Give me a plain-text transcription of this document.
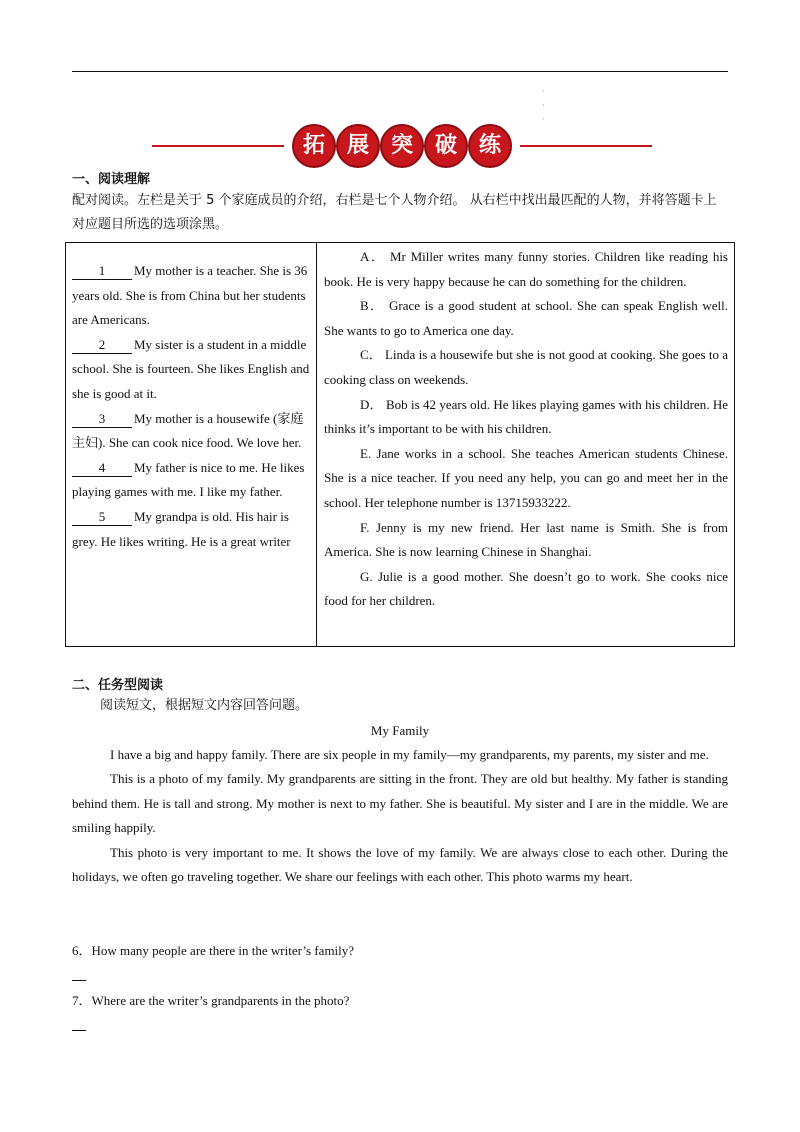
·
·
·
拓 展 突 破 练
一、阅读理解
配对阅读。左栏是关于 5 个家庭成员的介绍，右栏是七个人物介绍。 从右栏中找出最匹配的人物，并将答题卡上对应题目所选的选项涂黑。

1 My mother is a teacher. She is 36 years old. She is from China but her students are Americans.

2 My sister is a student in a middle school. She is fourteen. She likes English and she is good at it.

3 My mother is a housewife (家庭主妇). She can cook nice food. We love her.

4 My father is nice to me. He likes playing games with me. I like my father.

5 My grandpa is old. His hair is grey. He likes writing. He is a great writer

A． Mr Miller writes many funny stories. Children like reading his book. He is very happy because he can do something for the children.

B． Grace is a good student at school. She can speak English well. She wants to go to America one day.

C． Linda is a housewife but she is not good at cooking. She goes to a cooking class on weekends.

D． Bob is 42 years old. He likes playing games with his children. He thinks it’s important to be with his children.

E. Jane works in a school. She teaches American students Chinese. She is a nice teacher. If you need any help, you can go and meet her in the school. Her telephone number is 13715933222.

F. Jenny is my new friend. Her last name is Smith. She is from America. She is now learning Chinese in Shanghai.

G. Julie is a good mother. She doesn’t go to work. She cooks nice food for her children.

二、任务型阅读
阅读短文，根据短文内容回答问题。
My Family

I have a big and happy family. There are six people in my family—my grandparents, my parents, my sister and me.

This is a photo of my family. My grandparents are sitting in the front. They are old but healthy. My father is standing behind them. He is tall and strong. My mother is next to my father. She is beautiful. My sister and I are in the middle. We are smiling happily.

This photo is very important to me. It shows the love of my family. We are always close to each other. During the holidays, we often go traveling together. We share our feelings with each other. This photo warms my heart.

6．How many people are there in the writer’s family?
7．Where are the writer’s grandparents in the photo?
